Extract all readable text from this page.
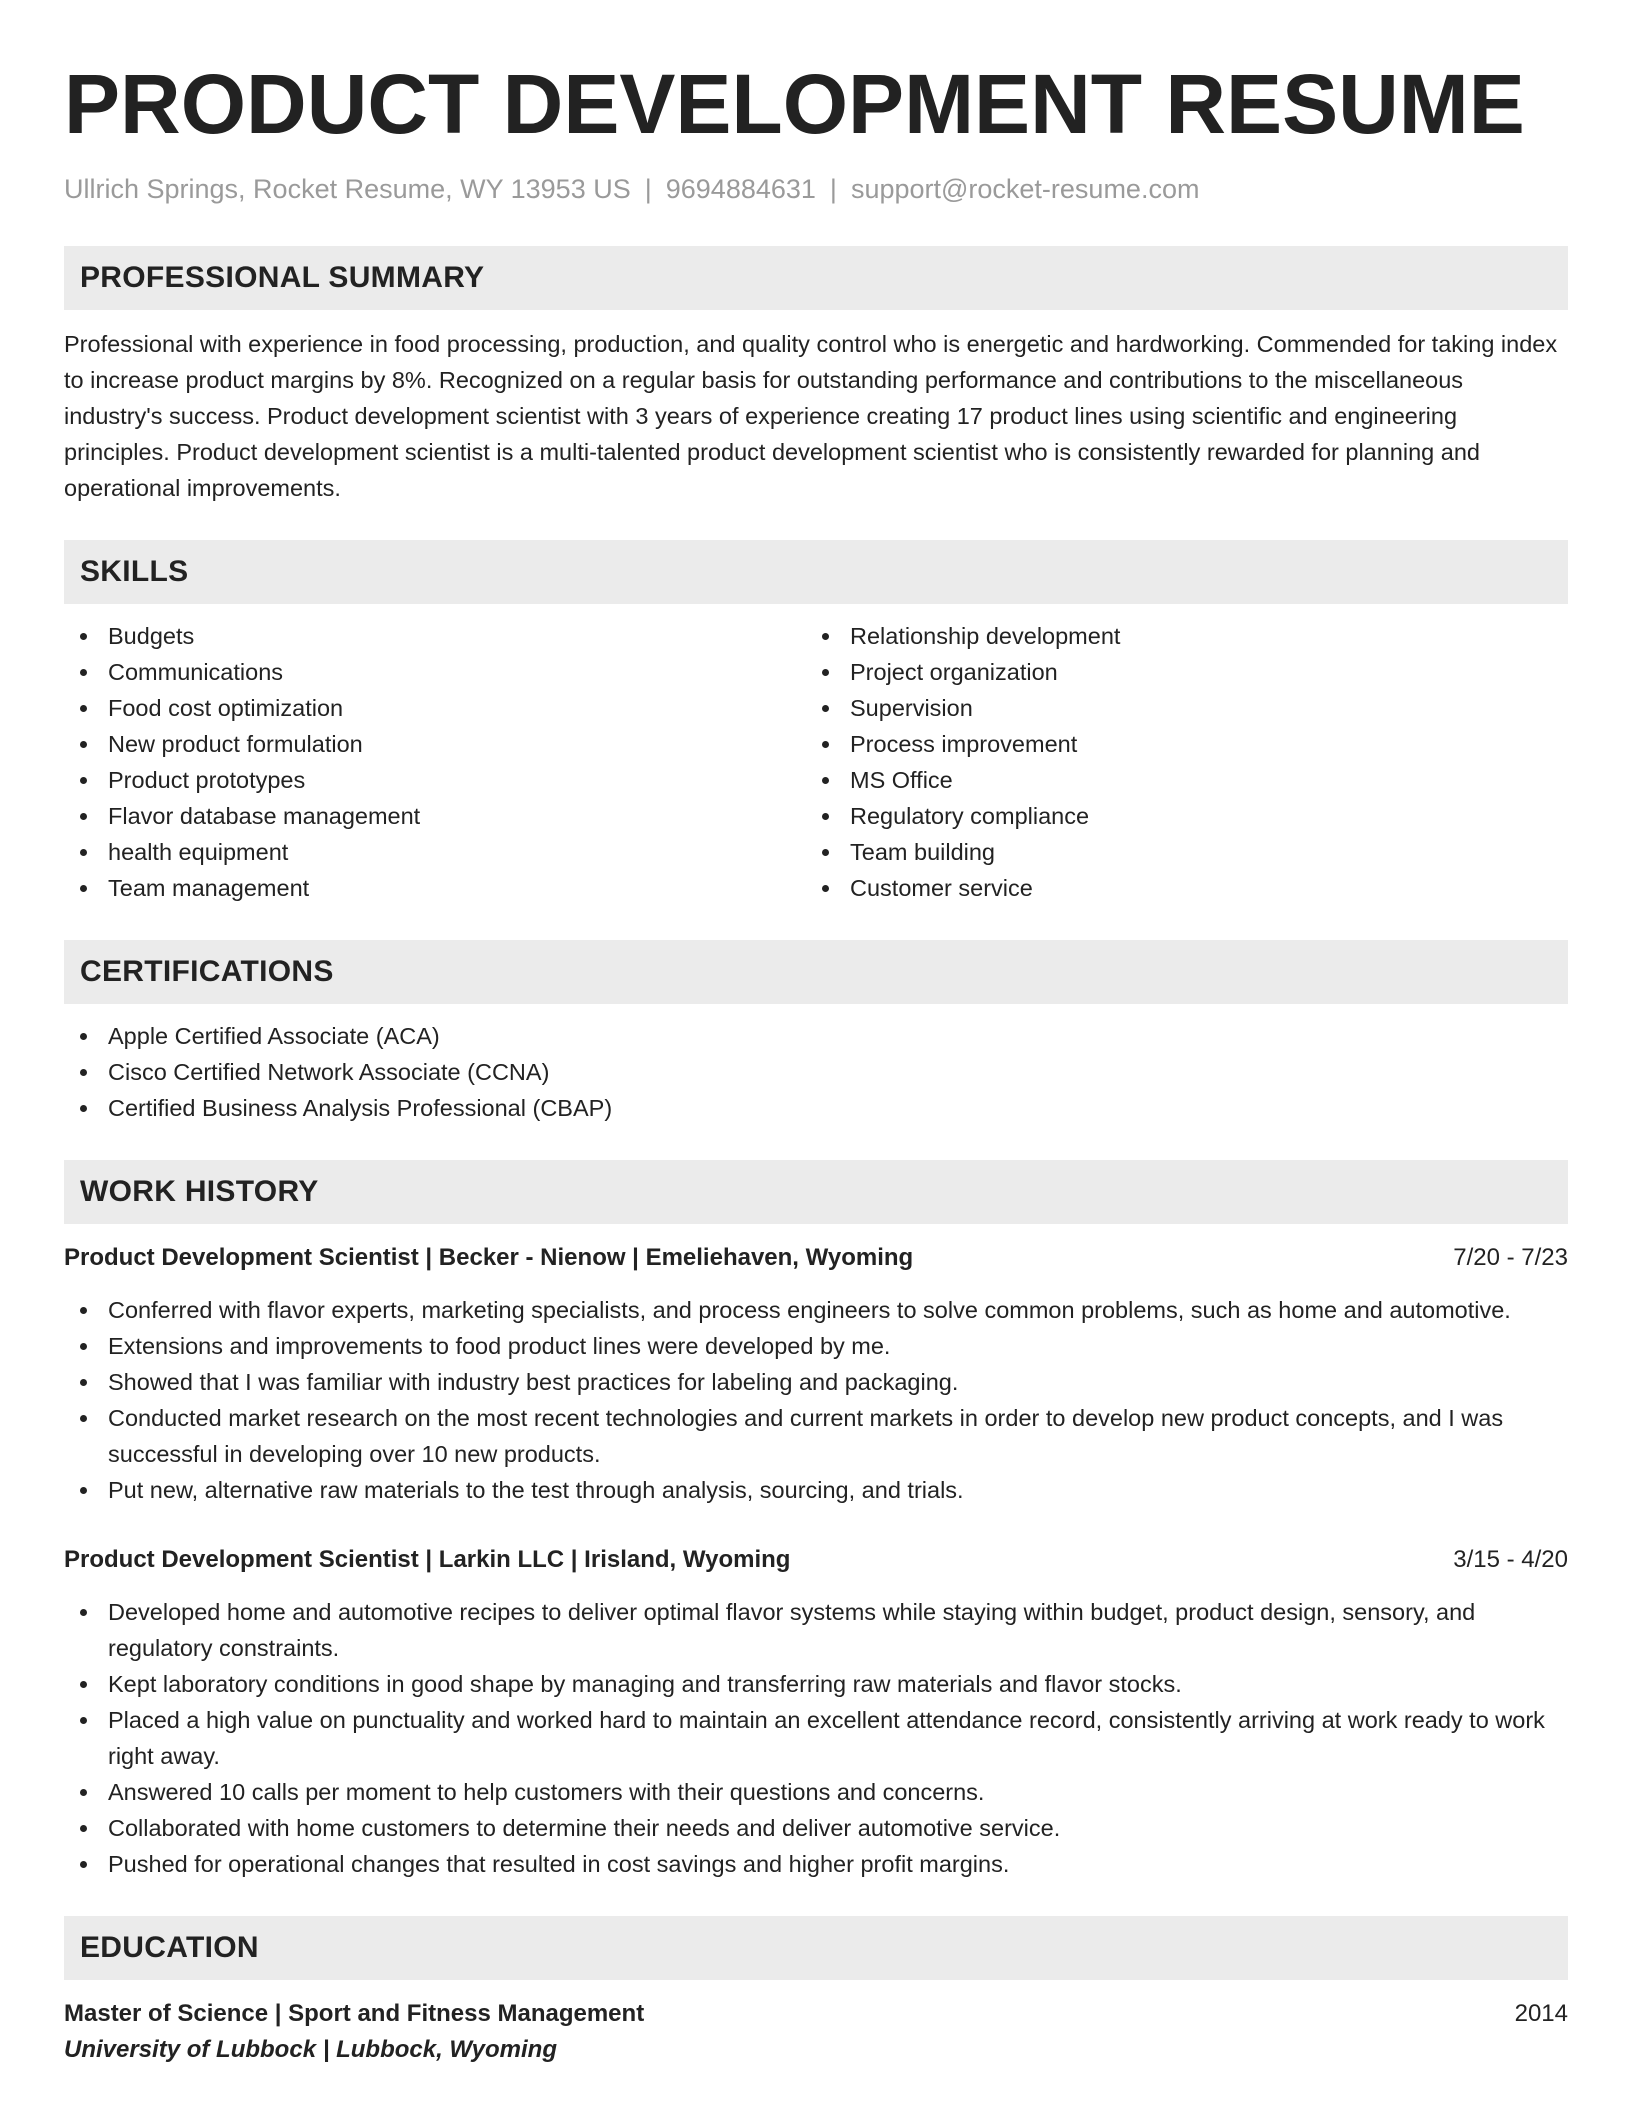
PRODUCT DEVELOPMENT RESUME
Ullrich Springs, Rocket Resume, WY 13953 US | 9694884631 | support@rocket-resume.com
PROFESSIONAL SUMMARY

Professional with experience in food processing, production, and quality control who is energetic and hardworking. Commended for taking index to increase product margins by 8%. Recognized on a regular basis for outstanding performance and contributions to the miscellaneous industry's success. Product development scientist with 3 years of experience creating 17 product lines using scientific and engineering principles. Product development scientist is a multi-talented product development scientist who is consistently rewarded for planning and operational improvements.

SKILLS
Budgets
Communications
Food cost optimization
New product formulation
Product prototypes
Flavor database management
health equipment
Team management
Relationship development
Project organization
Supervision
Process improvement
MS Office
Regulatory compliance
Team building
Customer service
CERTIFICATIONS
Apple Certified Associate (ACA)
Cisco Certified Network Associate (CCNA)
Certified Business Analysis Professional (CBAP)
WORK HISTORY
Product Development Scientist | Becker - Nienow | Emeliehaven, Wyoming	7/20 - 7/23
Conferred with flavor experts, marketing specialists, and process engineers to solve common problems, such as home and automotive.
Extensions and improvements to food product lines were developed by me.
Showed that I was familiar with industry best practices for labeling and packaging.
Conducted market research on the most recent technologies and current markets in order to develop new product concepts, and I was successful in developing over 10 new products.
Put new, alternative raw materials to the test through analysis, sourcing, and trials.
Product Development Scientist | Larkin LLC | Irisland, Wyoming	3/15 - 4/20
Developed home and automotive recipes to deliver optimal flavor systems while staying within budget, product design, sensory, and regulatory constraints.
Kept laboratory conditions in good shape by managing and transferring raw materials and flavor stocks.
Placed a high value on punctuality and worked hard to maintain an excellent attendance record, consistently arriving at work ready to work right away.
Answered 10 calls per moment to help customers with their questions and concerns.
Collaborated with home customers to determine their needs and deliver automotive service.
Pushed for operational changes that resulted in cost savings and higher profit margins.
EDUCATION
Master of Science | Sport and Fitness Management	2014
University of Lubbock | Lubbock, Wyoming
